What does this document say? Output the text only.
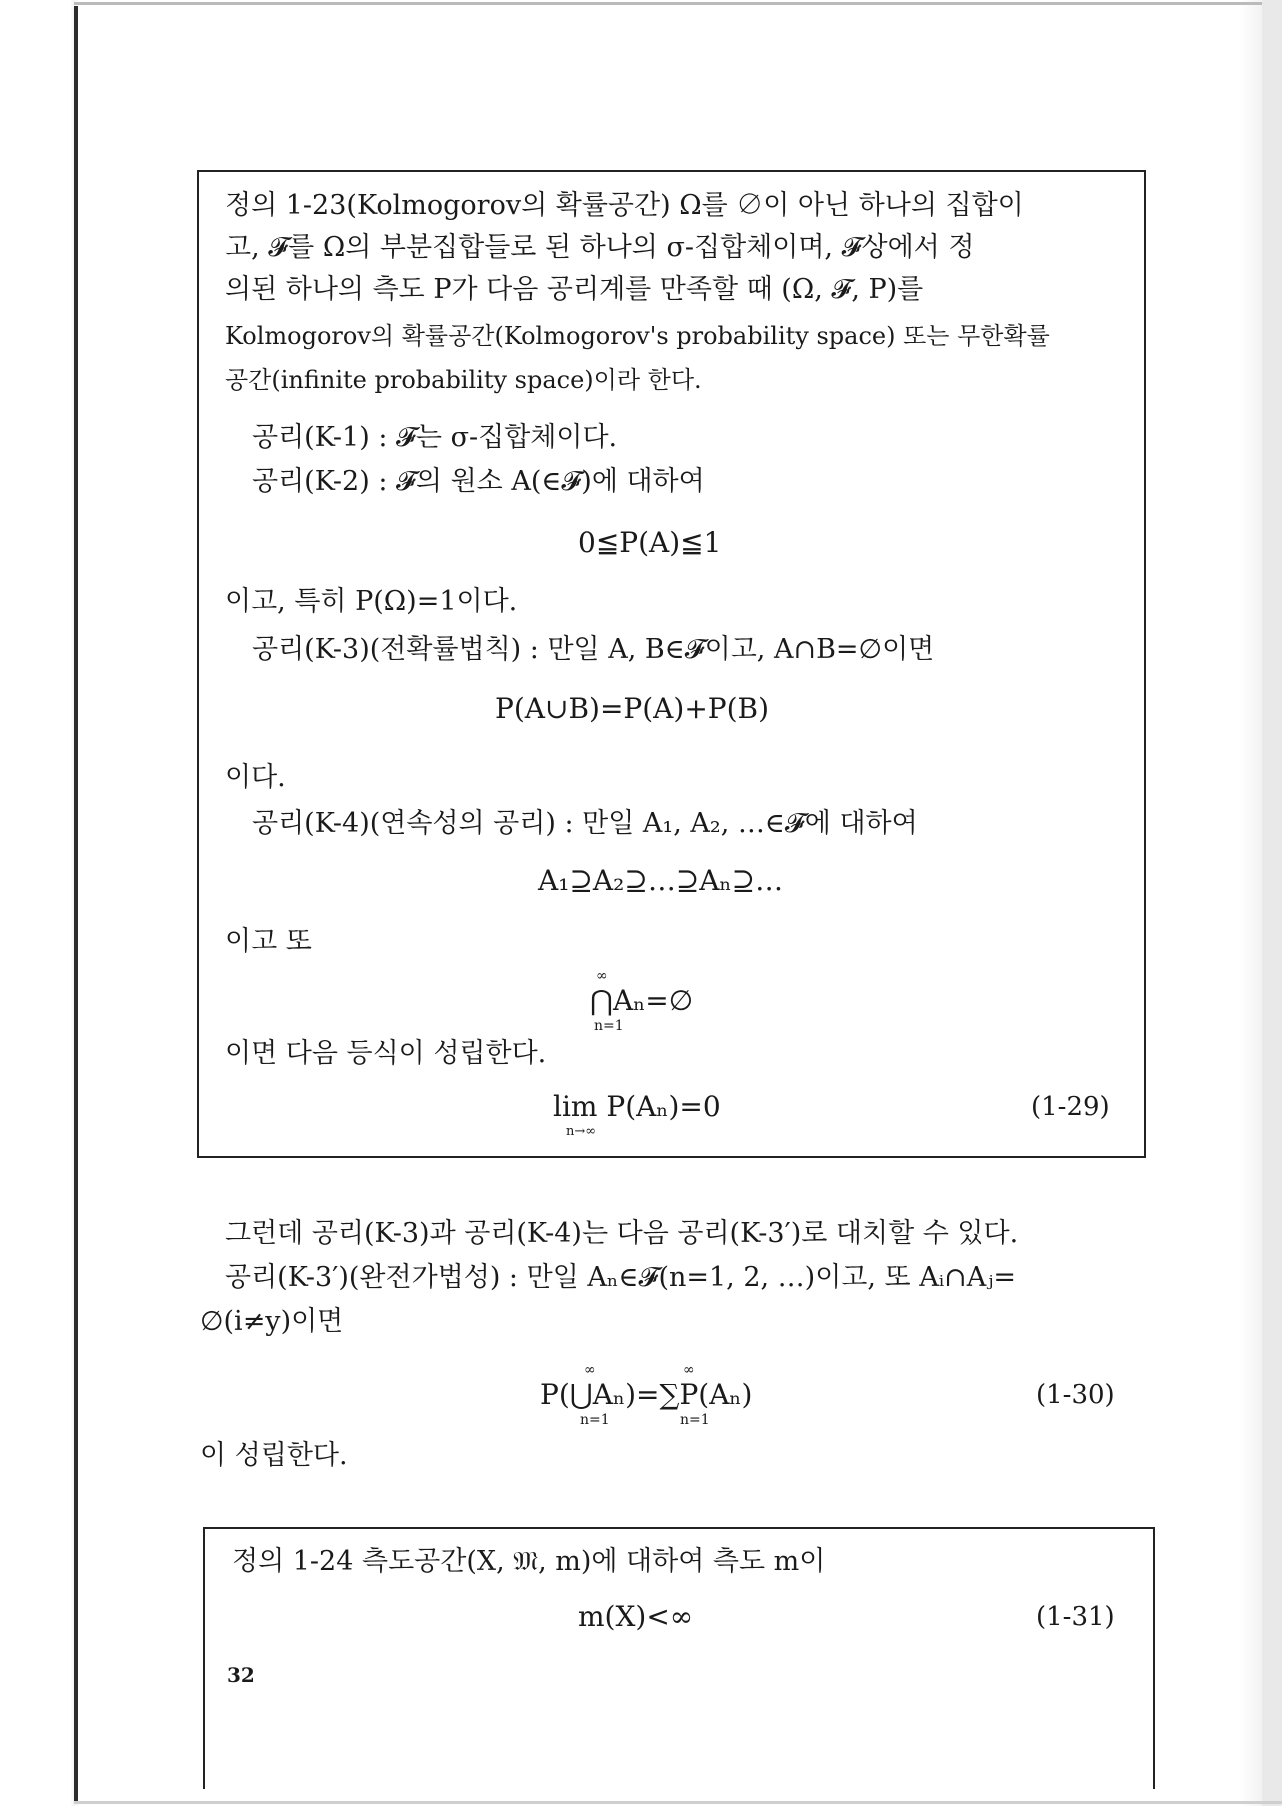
정의 1-23(Kolmogorov의 확률공간) Ω를 ∅이 아닌 하나의 집합이
고, 𝓕를 Ω의 부분집합들로 된 하나의 σ-집합체이며, 𝓕상에서 정
의된 하나의 측도 P가 다음 공리계를 만족할 때 (Ω, 𝓕, P)를
Kolmogorov의 확률공간(Kolmogorov's probability space) 또는 무한확률
공간(infinite probability space)이라 한다.
공리(K-1) : 𝓕는 σ-집합체이다.
공리(K-2) : 𝓕의 원소 A(∈𝓕)에 대하여
0≦P(A)≦1
이고, 특히 P(Ω)=1이다.
공리(K-3)(전확률법칙) : 만일 A, B∈𝓕이고, A∩B=∅이면
P(A∪B)=P(A)+P(B)
이다.
공리(K-4)(연속성의 공리) : 만일 A₁, A₂, …∈𝓕에 대하여
A₁⊇A₂⊇…⊇Aₙ⊇…
이고 또
∞
⋂Aₙ=∅
n=1
이면 다음 등식이 성립한다.
lim P(Aₙ)=0
n→∞
(1-29)
그런데 공리(K-3)과 공리(K-4)는 다음 공리(K-3′)로 대치할 수 있다.
공리(K-3′)(완전가법성) : 만일 Aₙ∈𝓕(n=1, 2, …)이고, 또 Aᵢ∩Aⱼ=
∅(i≠y)이면
∞	∞
P(⋃Aₙ)=∑P(Aₙ)
n=1	n=1
(1-30)
이 성립한다.
정의 1-24 측도공간(X, 𝔐, m)에 대하여 측도 m이
m(X)<∞	(1-31)
32
